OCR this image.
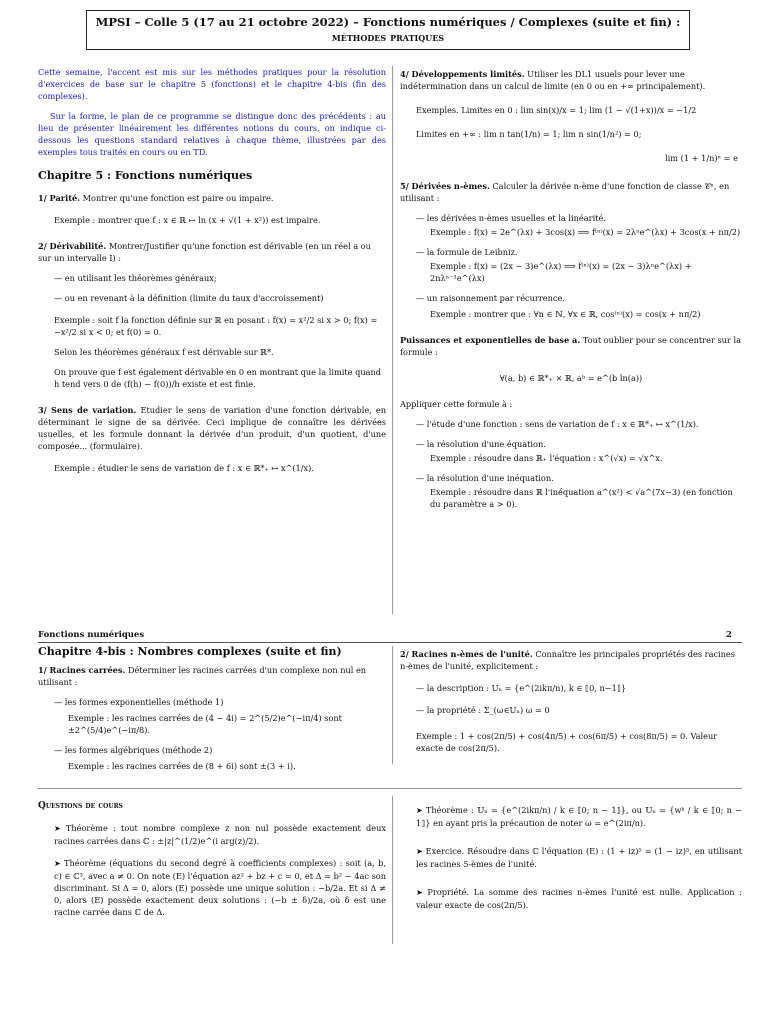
MPSI – Colle 5 (17 au 21 octobre 2022) – Fonctions numériques / Complexes (suite et fin) :
méthodes pratiques

Cette semaine, l'accent est mis sur les méthodes pratiques pour la résolution d'exercices de base sur le chapitre 5 (fonctions) et le chapitre 4-bis (fin des complexes).

Sur la forme, le plan de ce programme se distingue donc des précédents : au lieu de présenter linéairement les différentes notions du cours, on indique ci-dessous les questions standard relatives à chaque thème, illustrées par des exemples tous traités en cours ou en TD.

Chapitre 5 : Fonctions numériques

1/ Parité. Montrer qu'une fonction est paire ou impaire.

Exemple : montrer que f : x ∈ ℝ ↦ ln (x + √(1 + x²)) est impaire.

2/ Dérivabilité. Montrer/Justifier qu'une fonction est dérivable (en un réel a ou sur un intervalle I) :

— en utilisant les théorèmes généraux;

— ou en revenant à la définition (limite du taux d'accroissement)

Exemple : soit f la fonction définie sur ℝ en posant : f(x) = x²/2 si x > 0; f(x) = −x²/2 si x < 0; et f(0) = 0.

Selon les théorèmes généraux f est dérivable sur ℝ*.

On prouve que f est également dérivable en 0 en montrant que la limite quand h tend vers 0 de (f(h) − f(0))/h existe et est finie.

3/ Sens de variation. Etudier le sens de variation d'une fonction dérivable, en déterminant le signe de sa dérivée. Ceci implique de connaître les dérivées usuelles, et les formule donnant la dérivée d'un produit, d'un quotient, d'une composée... (formulaire).

Exemple : étudier le sens de variation de f : x ∈ ℝ*₊ ↦ x^(1/x).

4/ Développements limités. Utiliser les DL1 usuels pour lever une indétermination dans un calcul de limite (en 0 ou en +∞ principalement).

Exemples. Limites en 0 : lim sin(x)/x = 1; lim (1 − √(1+x))/x = −1/2

Limites en +∞ : lim n tan(1/n) = 1; lim n sin(1/n²) = 0;

lim (1 + 1/n)ⁿ = e

5/ Dérivées n-èmes. Calculer la dérivée n-ème d'une fonction de classe 𝒞ⁿ, en utilisant :

— les dérivées n-èmes usuelles et la linéarité.

Exemple : f(x) = 2e^(λx) + 3cos(x) ⟹ f⁽ⁿ⁾(x) = 2λⁿe^(λx) + 3cos(x + nπ/2)

— la formule de Leibniz.

Exemple : f(x) = (2x − 3)e^(λx) ⟹ f⁽ⁿ⁾(x) = (2x − 3)λⁿe^(λx) + 2nλⁿ⁻¹e^(λx)

— un raisonnement par récurrence.

Exemple : montrer que : ∀n ∈ ℕ, ∀x ∈ ℝ, cos⁽ⁿ⁾(x) = cos(x + nπ/2)

Puissances et exponentielles de base a. Tout oublier pour se concentrer sur la formule :

∀(a, b) ∈ ℝ*₊ × ℝ, aᵇ = e^(b ln(a))

Appliquer cette formule à :

— l'étude d'une fonction : sens de variation de f : x ∈ ℝ*₊ ↦ x^(1/x).

— la résolution d'une équation.

Exemple : résoudre dans ℝ₊ l'équation : x^(√x) = √x^x.

— la résolution d'une inéquation.

Exemple : résoudre dans ℝ l'inéquation a^(x²) < √a^(7x−3) (en fonction du paramètre a > 0).

Fonctions numériques	2
Chapitre 4-bis : Nombres complexes (suite et fin)

1/ Racines carrées. Déterminer les racines carrées d'un complexe non nul en utilisant :

— les formes exponentielles (méthode 1)

Exemple : les racines carrées de (4 − 4i) = 2^(5/2)e^(−iπ/4) sont ±2^(5/4)e^(−iπ/8).

— les formes algébriques (méthode 2)

Exemple : les racines carrées de (8 + 6i) sont ±(3 + i).

2/ Racines n-èmes de l'unité. Connaître les principales propriétés des racines n-èmes de l'unité, explicitement :

— la description : Uₙ = {e^(2ikπ/n), k ∈ ⟦0, n−1⟧}

— la propriété : Σ_(ω∈Uₙ) ω = 0

Exemple : 1 + cos(2π/5) + cos(4π/5) + cos(6π/5) + cos(8π/5) = 0. Valeur exacte de cos(2π/5).

Questions de cours

➤ Théorème : tout nombre complexe z non nul possède exactement deux racines carrées dans ℂ : ±|z|^(1/2)e^(i arg(z)/2).

➤ Théorème (équations du second degré à coefficients complexes) : soit (a, b, c) ∈ ℂ³, avec a ≠ 0. On note (E) l'équation az² + bz + c = 0, et Δ = b² − 4ac son discriminant. Si Δ = 0, alors (E) possède une unique solution : −b/2a. Et si Δ ≠ 0, alors (E) possède exactement deux solutions : (−b ± δ)/2a, où δ est une racine carrée dans ℂ de Δ.

➤ Théorème : 𝕌ₙ = {e^(2ikπ/n) / k ∈ ⟦0; n − 1⟧}, ou 𝕌ₙ = {wᵏ / k ∈ ⟦0; n − 1⟧} en ayant pris la précaution de noter ω = e^(2iπ/n).

➤ Exercice. Résoudre dans ℂ l'équation (E) : (1 + iz)⁵ = (1 − iz)⁵, en utilisant les racines 5-èmes de l'unité.

➤ Propriété. La somme des racines n-èmes l'unité est nulle. Application : valeur exacte de cos(2π/5).
